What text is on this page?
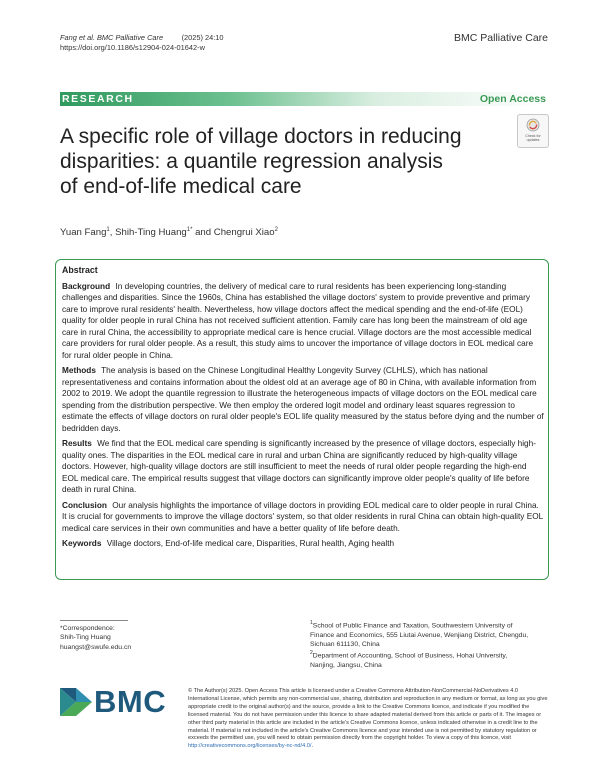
Fang et al. BMC Palliative Care (2025) 24:10
https://doi.org/10.1186/s12904-024-01642-w
BMC Palliative Care
RESEARCH	Open Access
A specific role of village doctors in reducing
disparities: a quantile regression analysis
of end-of-life medical care
Check for
updates
Yuan Fang$^1$, Shih-Ting Huang$^{1*}$ and Chengrui Xiao$^2$
Abstract

Background In developing countries, the delivery of medical care to rural residents has been experiencing long-standing challenges and disparities. Since the 1960s, China has established the village doctors' system to provide preventive and primary care to improve rural residents' health. Nevertheless, how village doctors affect the medical spending and the end-of-life (EOL) quality for older people in rural China has not received sufficient attention. Family care has long been the mainstream of old age care in rural China, the accessibility to appropriate medical care is hence crucial. Village doctors are the most accessible medical care providers for rural older people. As a result, this study aims to uncover the importance of village doctors in EOL medical care for rural older people in China.

Methods The analysis is based on the Chinese Longitudinal Healthy Longevity Survey (CLHLS), which has national representativeness and contains information about the oldest old at an average age of 80 in China, with available information from 2002 to 2019. We adopt the quantile regression to illustrate the heterogeneous impacts of village doctors on the EOL medical care spending from the distribution perspective. We then employ the ordered logit model and ordinary least squares regression to estimate the effects of village doctors on rural older people's EOL life quality measured by the status before dying and the number of bedridden days.

Results We find that the EOL medical care spending is significantly increased by the presence of village doctors, especially high-quality ones. The disparities in the EOL medical care in rural and urban China are significantly reduced by high-quality village doctors. However, high-quality village doctors are still insufficient to meet the needs of rural older people regarding the high-end EOL medical care. The empirical results suggest that village doctors can significantly improve older people's quality of life before death in rural China.

Conclusion Our analysis highlights the importance of village doctors in providing EOL medical care to older people in rural China. It is crucial for governments to improve the village doctors' system, so that older residents in rural China can obtain high-quality EOL medical care services in their own communities and have a better quality of life before death.

Keywords Village doctors, End-of-life medical care, Disparities, Rural health, Aging health

*Correspondence:
Shih-Ting Huang
huangst@swufe.edu.cn
$^1$School of Public Finance and Taxation, Southwestern University of
Finance and Economics, 555 Liutai Avenue, Wenjiang District, Chengdu,
Sichuan 611130, China
$^2$Department of Accounting, School of Business, Hohai University,
Nanjing, Jiangsu, China
BMC	© The Author(s) 2025. Open Access This article is licensed under a Creative Commons Attribution-NonCommercial-NoDerivatives 4.0 International License, which permits any non-commercial use, sharing, distribution and reproduction in any medium or format, as long as you give appropriate credit to the original author(s) and the source, provide a link to the Creative Commons licence, and indicate if you modified the licensed material. You do not have permission under this licence to share adapted material derived from this article or parts of it. The images or other third party material in this article are included in the article's Creative Commons licence, unless indicated otherwise in a credit line to the material. If material is not included in the article's Creative Commons licence and your intended use is not permitted by statutory regulation or exceeds the permitted use, you will need to obtain permission directly from the copyright holder. To view a copy of this licence, visit http://creativecommons.org/licenses/by-nc-nd/4.0/.
